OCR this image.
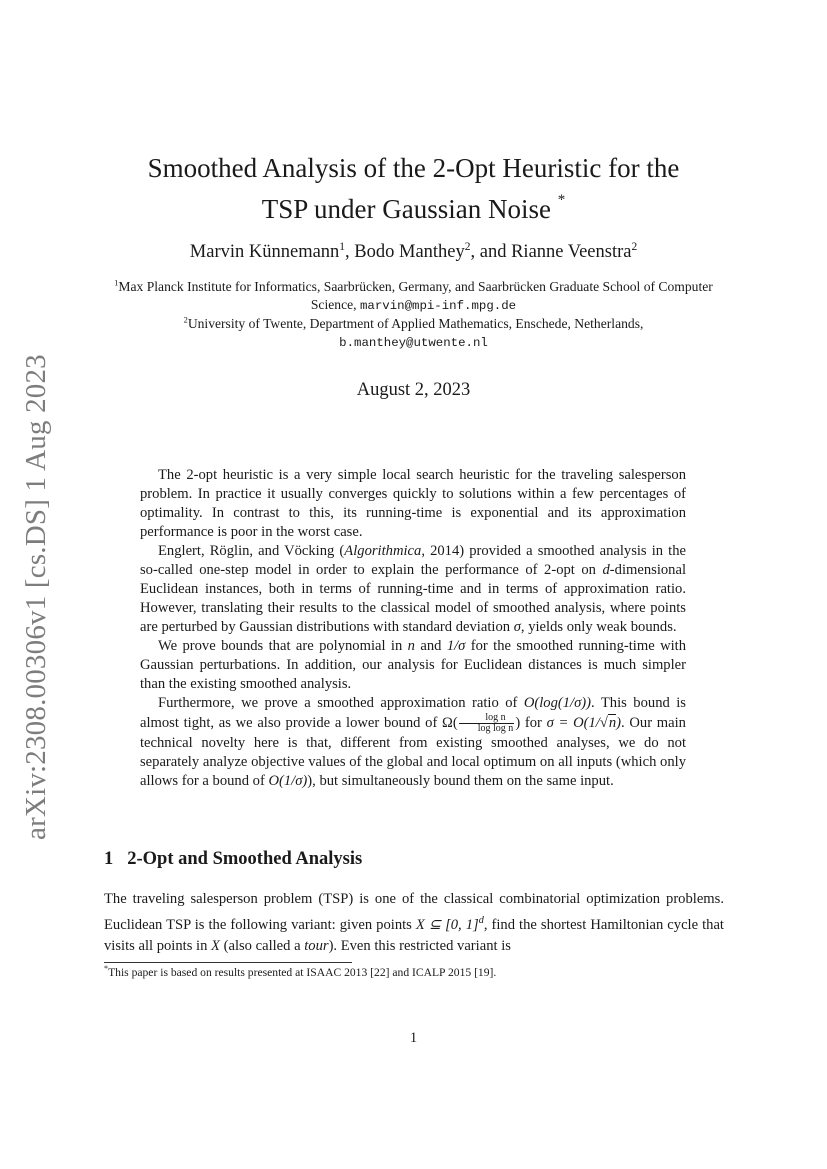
arXiv:2308.00306v1 [cs.DS] 1 Aug 2023
Smoothed Analysis of the 2-Opt Heuristic for the
TSP under Gaussian Noise *
Marvin Künnemann$^1$, Bodo Manthey$^2$, and Rianne Veenstra$^2$
$^1$Max Planck Institute for Informatics, Saarbrücken, Germany, and Saarbrücken Graduate School of Computer Science, marvin@mpi-inf.mpg.de
$^2$University of Twente, Department of Applied Mathematics, Enschede, Netherlands,
b.manthey@utwente.nl
August 2, 2023

The 2-opt heuristic is a very simple local search heuristic for the traveling salesperson problem. In practice it usually converges quickly to solutions within a few percentages of optimality. In contrast to this, its running-time is exponential and its approximation performance is poor in the worst case.

Englert, Röglin, and Vöcking (Algorithmica, 2014) provided a smoothed analysis in the so-called one-step model in order to explain the performance of 2-opt on d-dimensional Euclidean instances, both in terms of running-time and in terms of approximation ratio. However, translating their results to the classical model of smoothed analysis, where points are perturbed by Gaussian distributions with standard deviation σ, yields only weak bounds.

We prove bounds that are polynomial in n and 1/σ for the smoothed running-time with Gaussian perturbations. In addition, our analysis for Euclidean distances is much simpler than the existing smoothed analysis.

Furthermore, we prove a smoothed approximation ratio of O(log(1/σ)). This bound is almost tight, as we also provide a lower bound of $\Omega( \frac{\text{log n}}{\text{log log n}}$ ) for σ = O(1/√n). Our main technical novelty here is that, different from existing smoothed analyses, we do not separately analyze objective values of the global and local optimum on all inputs (which only allows for a bound of O(1/σ)), but simultaneously bound them on the same input.

1 2-Opt and Smoothed Analysis

The traveling salesperson problem (TSP) is one of the classical combinatorial optimization problems. Euclidean TSP is the following variant: given points X ⊆ [0, 1]$^d$, find the shortest Hamiltonian cycle that visits all points in X (also called a tour). Even this restricted variant is

*This paper is based on results presented at ISAAC 2013 [22] and ICALP 2015 [19].
1
